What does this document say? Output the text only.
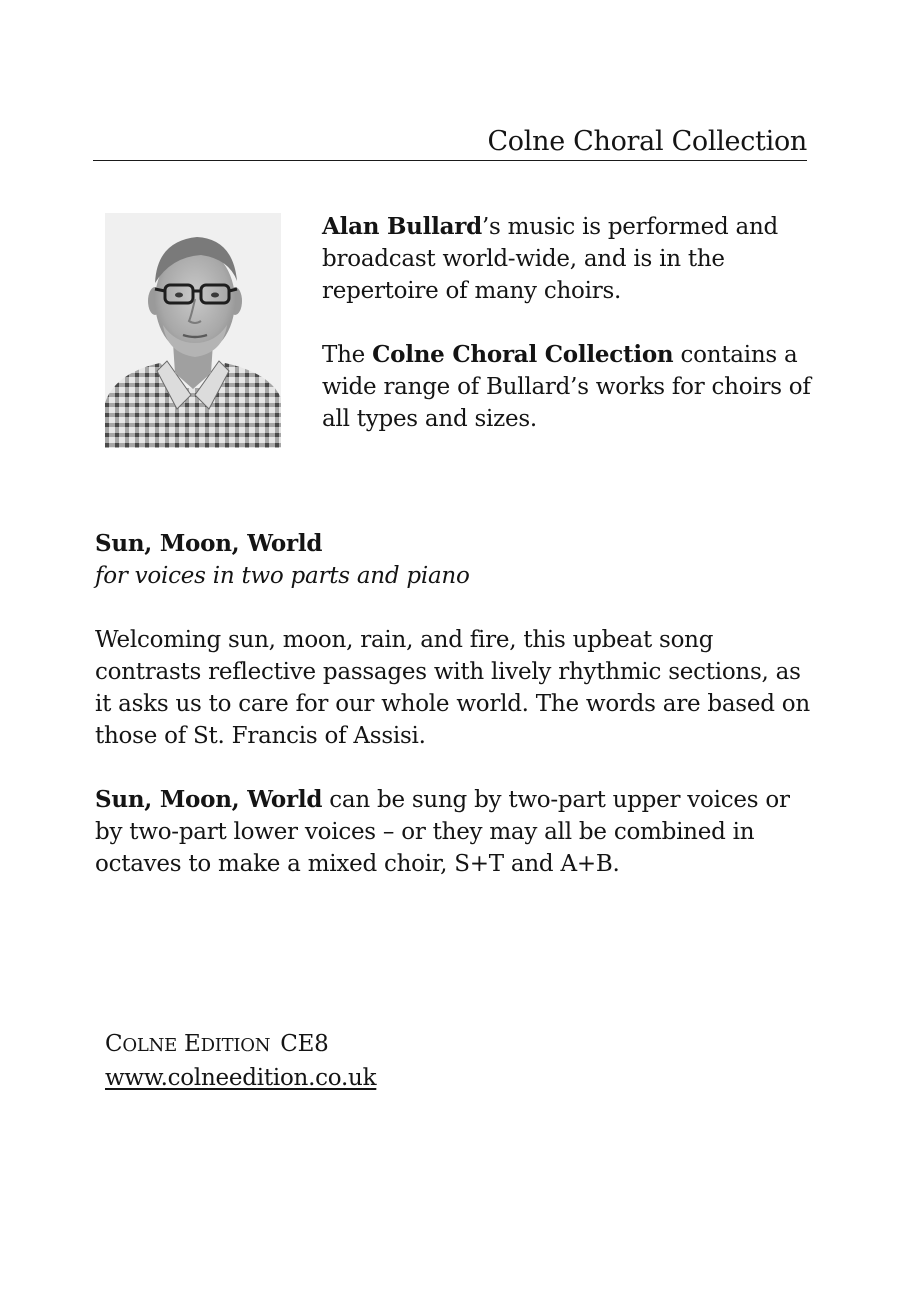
Colne Choral Collection

Alan Bullard’s music is performed and broadcast world-wide, and is in the repertoire of many choirs.

The Colne Choral Collection contains a wide range of Bullard’s works for choirs of all types and sizes.

Sun, Moon, World

for voices in two parts and piano

Welcoming sun, moon, rain, and fire, this upbeat song contrasts reflective passages with lively rhythmic sections, as it asks us to care for our whole world. The words are based on those of St. Francis of Assisi.

Sun, Moon, World can be sung by two-part upper voices or by two-part lower voices – or they may all be combined in octaves to make a mixed choir, S+T and A+B.

COLNE EDITION CE8
www.colneedition.co.uk
